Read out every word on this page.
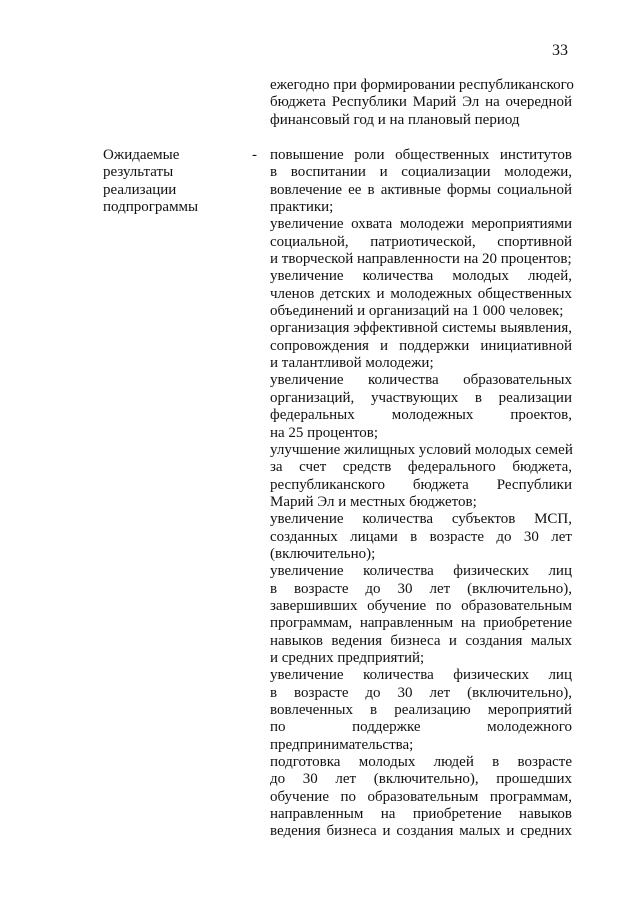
33
ежегодно при формировании республиканского
бюджета Республики Марий Эл на очередной
финансовый год и на плановый период
Ожидаемые
результаты
реализации
подпрограммы
- повышение роли общественных институтов
в воспитании и социализации молодежи,
вовлечение ее в активные формы социальной
практики;
увеличение охвата молодежи мероприятиями
социальной, патриотической, спортивной
и творческой направленности на 20 процентов;
увеличение количества молодых людей,
членов детских и молодежных общественных
объединений и организаций на 1 000 человек;
организация эффективной системы выявления,
сопровождения и поддержки инициативной
и талантливой молодежи;
увеличение количества образовательных
организаций, участвующих в реализации
федеральных молодежных проектов,
на 25 процентов;
улучшение жилищных условий молодых семей
за счет средств федерального бюджета,
республиканского бюджета Республики
Марий Эл и местных бюджетов;
увеличение количества субъектов МСП,
созданных лицами в возрасте до 30 лет
(включительно);
увеличение количества физических лиц
в возрасте до 30 лет (включительно),
завершивших обучение по образовательным
программам, направленным на приобретение
навыков ведения бизнеса и создания малых
и средних предприятий;
увеличение количества физических лиц
в возрасте до 30 лет (включительно),
вовлеченных в реализацию мероприятий
по поддержке молодежного
предпринимательства;
подготовка молодых людей в возрасте
до 30 лет (включительно), прошедших
обучение по образовательным программам,
направленным на приобретение навыков
ведения бизнеса и создания малых и средних
